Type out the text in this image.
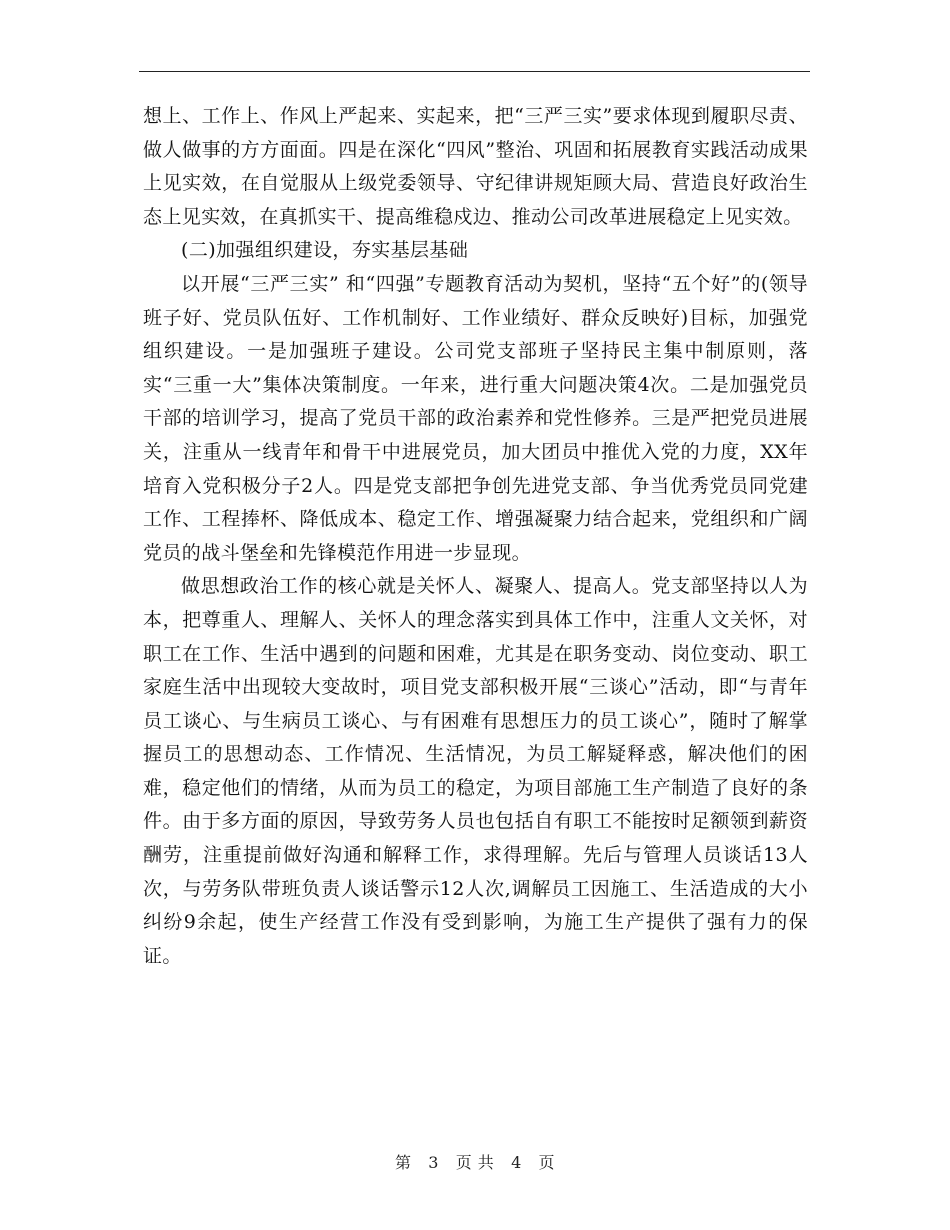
想上、工作上、作风上严起来、实起来，把“三严三实”要求体现到履职尽责、做人做事的方方面面。四是在深化“四风”整治、巩固和拓展教育实践活动成果上见实效，在自觉服从上级党委领导、守纪律讲规矩顾大局、营造良好政治生态上见实效，在真抓实干、提高维稳戍边、推动公司改革进展稳定上见实效。

(二)加强组织建设，夯实基层基础

以开展“三严三实” 和“四强”专题教育活动为契机，坚持“五个好”的(领导班子好、党员队伍好、工作机制好、工作业绩好、群众反映好)目标，加强党组织建设。一是加强班子建设。公司党支部班子坚持民主集中制原则，落实“三重一大”集体决策制度。一年来，进行重大问题决策4次。二是加强党员干部的培训学习，提高了党员干部的政治素养和党性修养。三是严把党员进展关，注重从一线青年和骨干中进展党员，加大团员中推优入党的力度，XX年培育入党积极分子2人。四是党支部把争创先进党支部、争当优秀党员同党建工作、工程捧杯、降低成本、稳定工作、增强凝聚力结合起来，党组织和广阔党员的战斗堡垒和先锋模范作用进一步显现。

做思想政治工作的核心就是关怀人、凝聚人、提高人。党支部坚持以人为本，把尊重人、理解人、关怀人的理念落实到具体工作中，注重人文关怀，对职工在工作、生活中遇到的问题和困难，尤其是在职务变动、岗位变动、职工家庭生活中出现较大变故时，项目党支部积极开展“三谈心”活动，即“与青年员工谈心、与生病员工谈心、与有困难有思想压力的员工谈心”，随时了解掌握员工的思想动态、工作情况、生活情况，为员工解疑释惑，解决他们的困难，稳定他们的情绪，从而为员工的稳定，为项目部施工生产制造了良好的条件。由于多方面的原因，导致劳务人员也包括自有职工不能按时足额领到薪资酬劳，注重提前做好沟通和解释工作，求得理解。先后与管理人员谈话13人次，与劳务队带班负责人谈话警示12人次,调解员工因施工、生活造成的大小纠纷9余起，使生产经营工作没有受到影响，为施工生产提供了强有力的保证。

第 3 页 共 4 页
